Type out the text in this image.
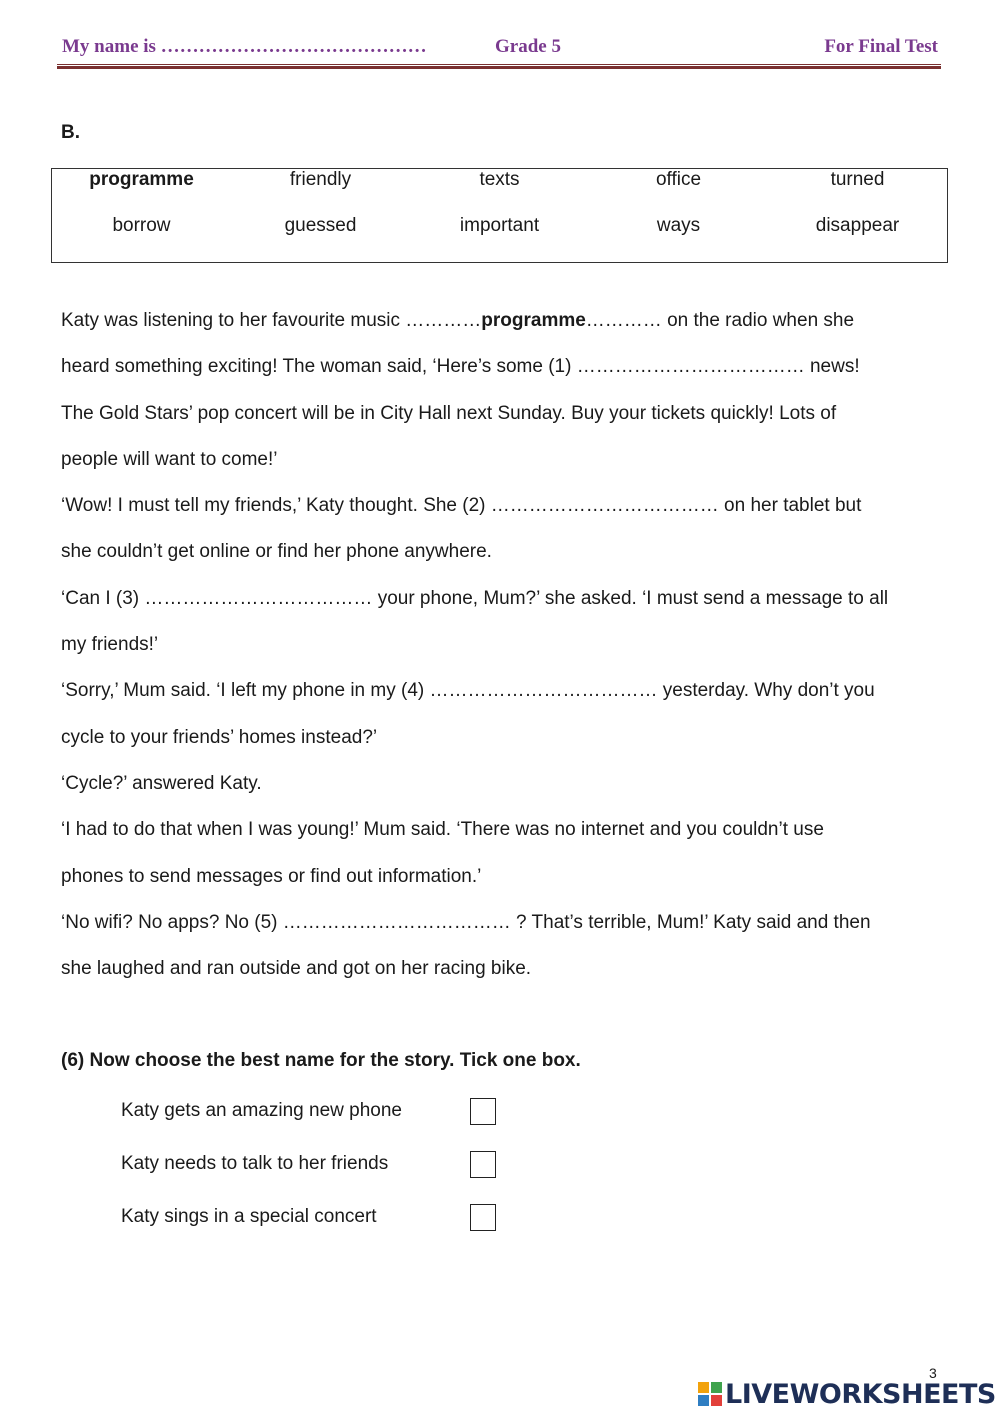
My name is ……………………………………	Grade 5	For Final Test
B.
programme	friendly	texts	office	turned
borrow	guessed	important	ways	disappear
Katy was listening to her favourite music …………programme………… on the radio when she
heard something exciting! The woman said, ‘Here’s some (1) ……………………………… news!
The Gold Stars’ pop concert will be in City Hall next Sunday. Buy your tickets quickly! Lots of
people will want to come!’
‘Wow! I must tell my friends,’ Katy thought. She (2) ……………………………… on her tablet but
she couldn’t get online or find her phone anywhere.
‘Can I (3) ……………………………… your phone, Mum?’ she asked. ‘I must send a message to all
my friends!’
‘Sorry,’ Mum said. ‘I left my phone in my (4) ……………………………… yesterday. Why don’t you
cycle to your friends’ homes instead?’
‘Cycle?’ answered Katy.
‘I had to do that when I was young!’ Mum said. ‘There was no internet and you couldn’t use
phones to send messages or find out information.’
‘No wifi? No apps? No (5) ……………………………… ? That’s terrible, Mum!’ Katy said and then
she laughed and ran outside and got on her racing bike.
(6) Now choose the best name for the story. Tick one box.
Katy gets an amazing new phone
Katy needs to talk to her friends
Katy sings in a special concert
3
LIVEWORKSHEETS
